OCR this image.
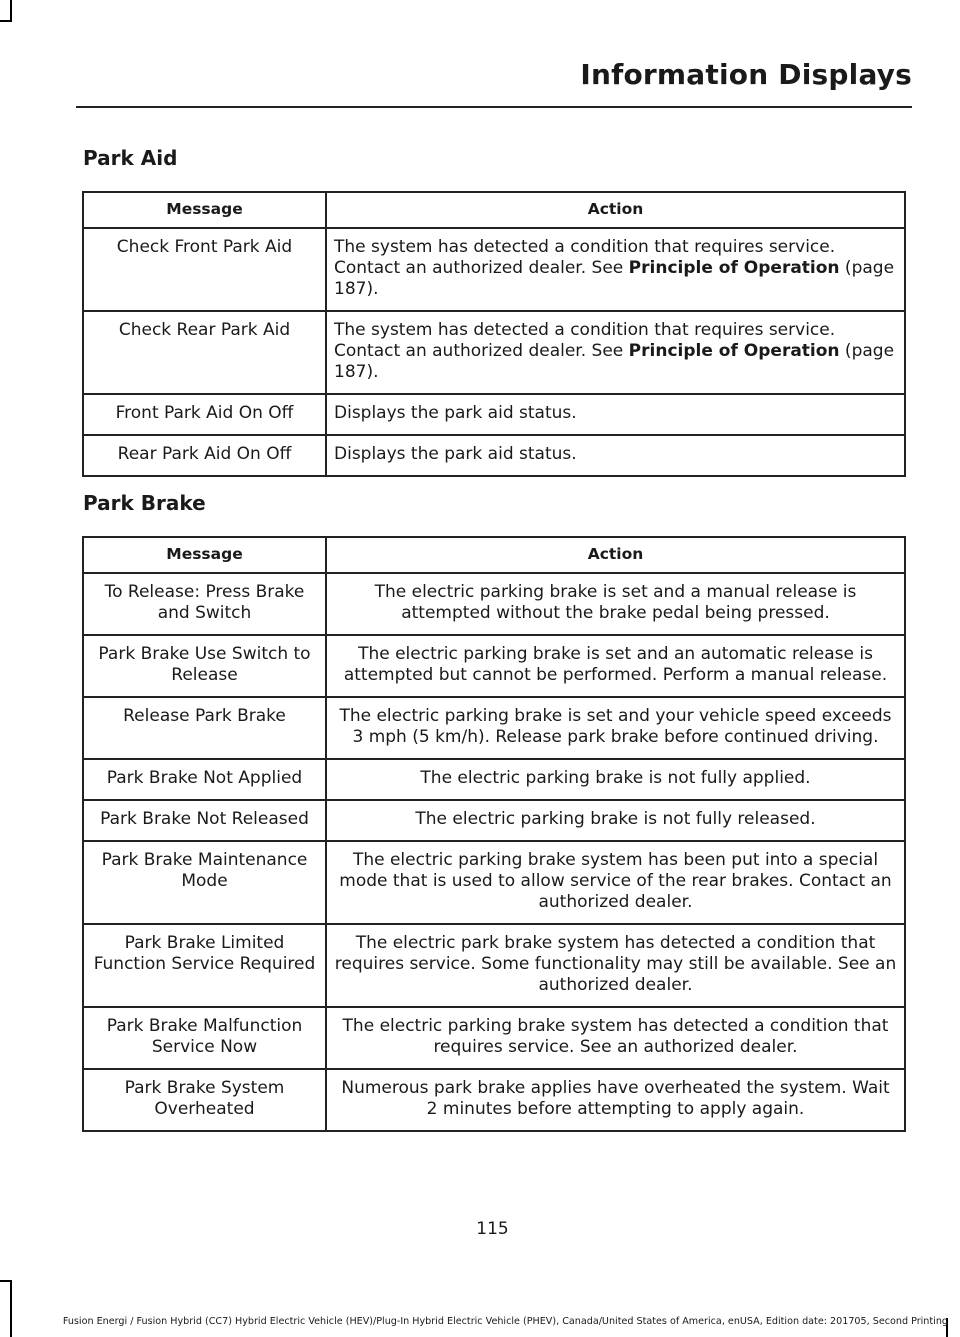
Information Displays
Park Aid
Message	Action
Check Front Park Aid	The system has detected a condition that requires service. Contact an authorized dealer. See Principle of Operation (page 187).
Check Rear Park Aid	The system has detected a condition that requires service. Contact an authorized dealer. See Principle of Operation (page 187).
Front Park Aid On Off	Displays the park aid status.
Rear Park Aid On Off	Displays the park aid status.
Park Brake
Message	Action
To Release: Press Brake and Switch	The electric parking brake is set and a manual release is attempted without the brake pedal being pressed.
Park Brake Use Switch to Release	The electric parking brake is set and an automatic release is attempted but cannot be performed. Perform a manual release.
Release Park Brake	The electric parking brake is set and your vehicle speed exceeds 3 mph (5 km/h). Release park brake before continued driving.
Park Brake Not Applied	The electric parking brake is not fully applied.
Park Brake Not Released	The electric parking brake is not fully released.
Park Brake Maintenance Mode	The electric parking brake system has been put into a special mode that is used to allow service of the rear brakes. Contact an authorized dealer.
Park Brake Limited Function Service Required	The electric park brake system has detected a condition that requires service. Some functionality may still be available. See an authorized dealer.
Park Brake Malfunction Service Now	The electric parking brake system has detected a condition that requires service. See an authorized dealer.
Park Brake System Overheated	Numerous park brake applies have overheated the system. Wait 2 minutes before attempting to apply again.
115
Fusion Energi / Fusion Hybrid (CC7) Hybrid Electric Vehicle (HEV)/Plug-In Hybrid Electric Vehicle (PHEV), Canada/United States of America, enUSA, Edition date: 201705, Second Printing
